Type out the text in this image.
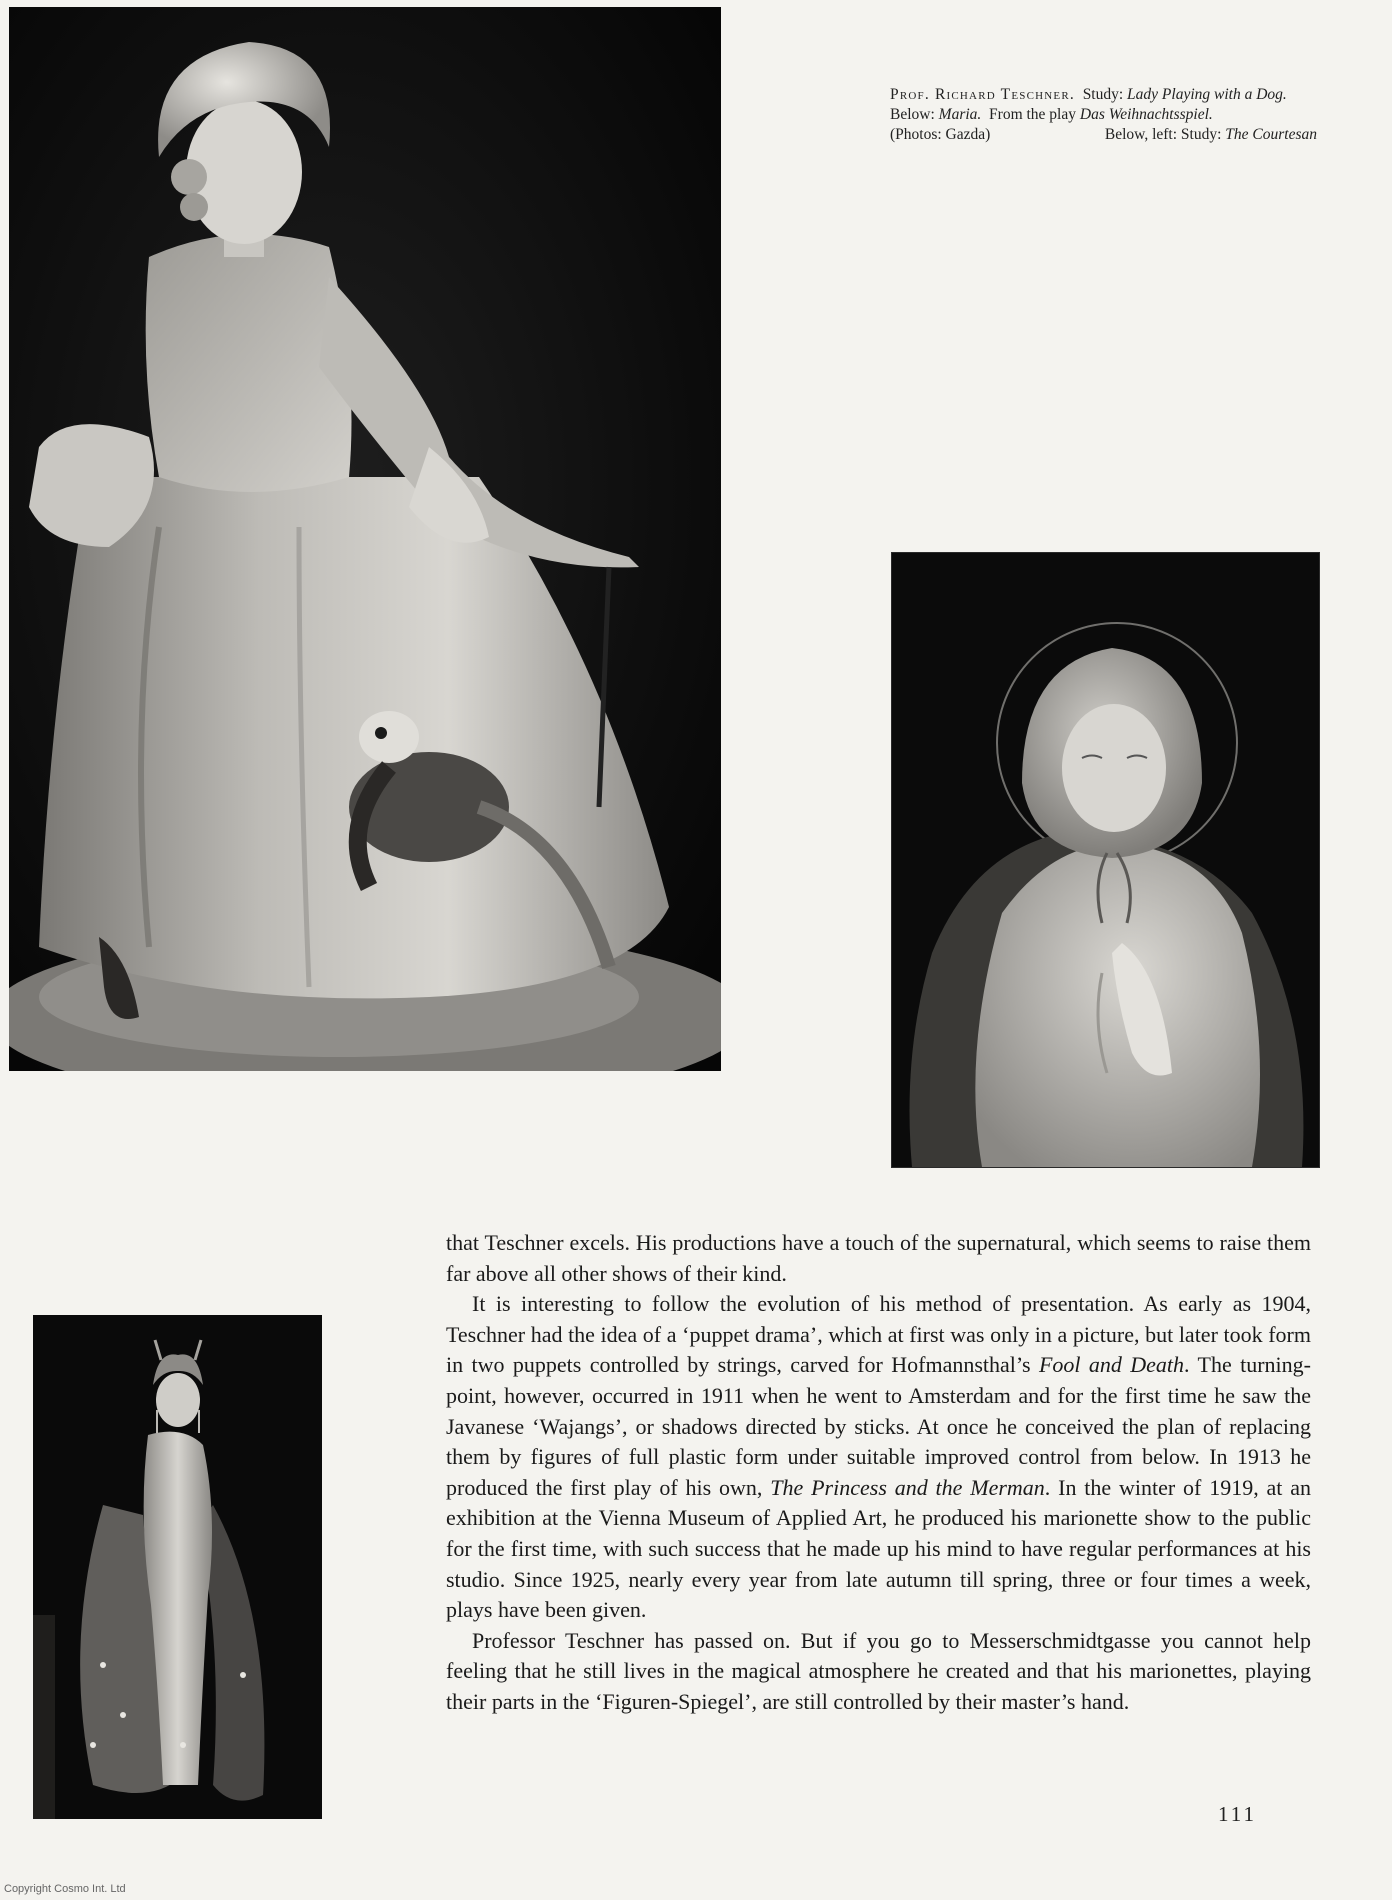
Prof. Richard Teschner. Study: Lady Playing with a Dog.  Below: Maria. From the play Das Weihnachtsspiel.
Below, left: Study: The Courtesan

(Photos: Gazda)

that Teschner excels. His productions have a touch of the supernatural, which seems to raise them far above all other shows of their kind.

It is interesting to follow the evolution of his method of presentation. As early as 1904, Teschner had the idea of a ‘puppet drama’, which at first was only in a picture, but later took form in two puppets controlled by strings, carved for Hofmannsthal’s Fool and Death. The turning-point, however, occurred in 1911 when he went to Amsterdam and for the first time he saw the Javanese ‘Wajangs’, or shadows directed by sticks. At once he conceived the plan of replacing them by figures of full plastic form under suitable improved control from below. In 1913 he produced the first play of his own, The Princess and the Merman. In the winter of 1919, at an exhibition at the Vienna Museum of Applied Art, he produced his marionette show to the public for the first time, with such success that he made up his mind to have regular performances at his studio. Since 1925, nearly every year from late autumn till spring, three or four times a week, plays have been given.

Professor Teschner has passed on. But if you go to Messerschmidtgasse you cannot help feeling that he still lives in the magical atmosphere he created and that his marionettes, playing their parts in the ‘Figuren-Spiegel’, are still controlled by their master’s hand.

111
Copyright Cosmo Int. Ltd
